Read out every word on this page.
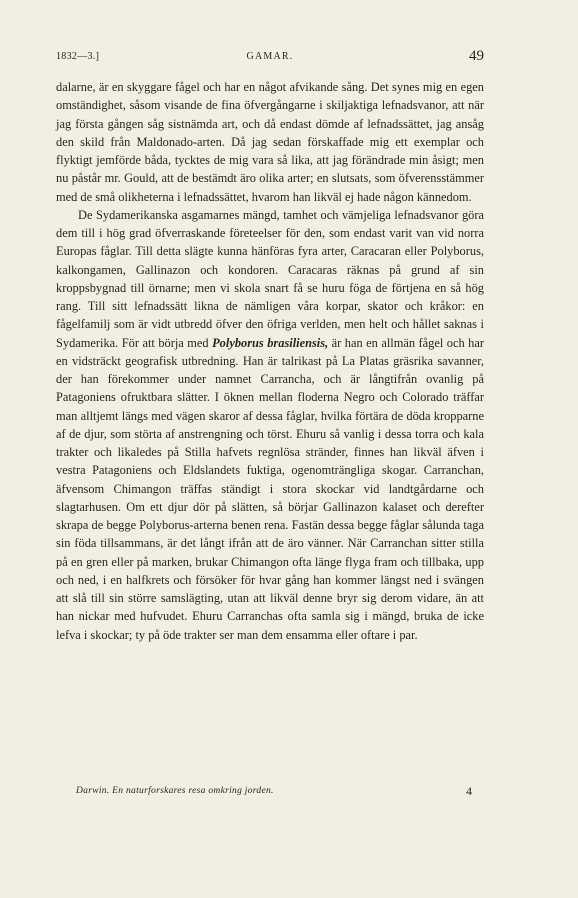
1832—3.]	GAMAR.	49

dalarne, är en skyggare fågel och har en något afvikande sång. Det synes mig en egen omständighet, såsom visande de fina öfvergångarne i skiljaktiga lefnadsvanor, att när jag första gången såg sistnämda art, och då endast dömde af lefnadssättet, jag ansåg den skild från Maldonado-arten. Då jag sedan förskaffade mig ett exemplar och flyktigt jemförde båda, tycktes de mig vara så lika, att jag förändrade min åsigt; men nu påstår mr. Gould, att de bestämdt äro olika arter; en slutsats, som öfverensstämmer med de små olikheterna i lefnadssättet, hvarom han likväl ej hade någon kännedom.

De Sydamerikanska asgamarnes mängd, tamhet och vämjeliga lefnadsvanor göra dem till i hög grad öfverraskande företeelser för den, som endast varit van vid norra Europas fåglar. Till detta slägte kunna hänföras fyra arter, Caracaran eller Polyborus, kalkongamen, Gallinazon och kondoren. Caracaras räknas på grund af sin kroppsbygnad till örnarne; men vi skola snart få se huru föga de förtjena en så hög rang. Till sitt lefnadssätt likna de nämligen våra korpar, skator och kråkor: en fågelfamilj som är vidt utbredd öfver den öfriga verlden, men helt och hållet saknas i Sydamerika. För att börja med Polyborus brasiliensis, är han en allmän fågel och har en vidsträckt geografisk utbredning. Han är talrikast på La Platas gräsrika savanner, der han förekommer under namnet Carrancha, och är långtifrån ovanlig på Patagoniens ofruktbara slätter. I öknen mellan floderna Negro och Colorado träffar man alltjemt längs med vägen skaror af dessa fåglar, hvilka förtära de döda kropparne af de djur, som störta af anstrengning och törst. Ehuru så vanlig i dessa torra och kala trakter och likaledes på Stilla hafvets regnlösa stränder, finnes han likväl äfven i vestra Patagoniens och Eldslandets fuktiga, ogenomträngliga skogar. Carranchan, äfvensom Chimangon träffas ständigt i stora skockar vid landtgårdarne och slagtarhusen. Om ett djur dör på slätten, så börjar Gallinazon kalaset och derefter skrapa de begge Polyborus-arterna benen rena. Fastän dessa begge fåglar sålunda taga sin föda tillsammans, är det långt ifrån att de äro vänner. När Carranchan sitter stilla på en gren eller på marken, brukar Chimangon ofta länge flyga fram och tillbaka, upp och ned, i en halfkrets och försöker för hvar gång han kommer längst ned i svängen att slå till sin större samslägting, utan att likväl denne bryr sig derom vidare, än att han nickar med hufvudet. Ehuru Carranchas ofta samla sig i mängd, bruka de icke lefva i skockar; ty på öde trakter ser man dem ensamma eller oftare i par.

Darwin. En naturforskares resa omkring jorden.	4
